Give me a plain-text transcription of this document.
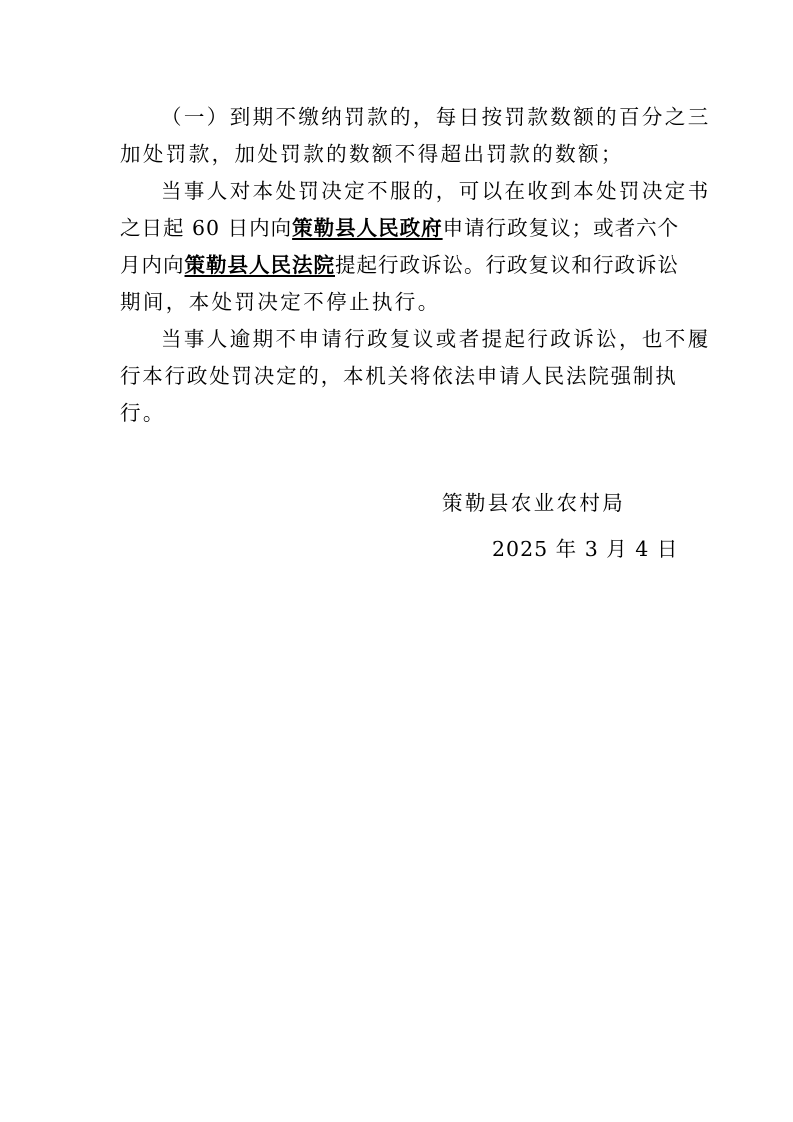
（一）到期不缴纳罚款的，每日按罚款数额的百分之三
加处罚款，加处罚款的数额不得超出罚款的数额；
当事人对本处罚决定不服的，可以在收到本处罚决定书
之日起 60 日内向策勒县人民政府申请行政复议；或者六个
月内向策勒县人民法院提起行政诉讼。行政复议和行政诉讼
期间，本处罚决定不停止执行。
当事人逾期不申请行政复议或者提起行政诉讼，也不履
行本行政处罚决定的，本机关将依法申请人民法院强制执
行。
策勒县农业农村局
2025 年 3 月 4 日
